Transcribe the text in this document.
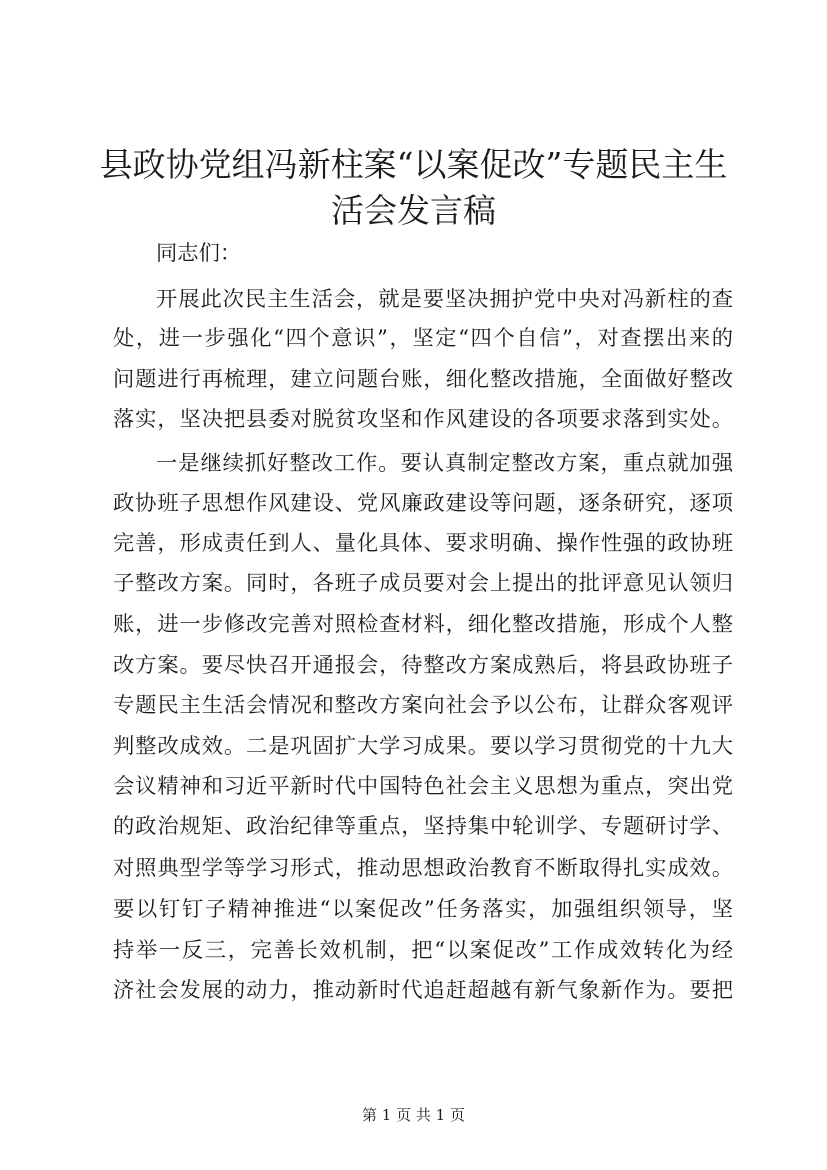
县政协党组冯新柱案“以案促改”专题民主生
活会发言稿

同志们：

开展此次民主生活会，就是要坚决拥护党中央对冯新柱的查

处，进一步强化“四个意识”，坚定“四个自信”，对查摆出来的

问题进行再梳理，建立问题台账，细化整改措施，全面做好整改

落实，坚决把县委对脱贫攻坚和作风建设的各项要求落到实处。

一是继续抓好整改工作。要认真制定整改方案，重点就加强

政协班子思想作风建设、党风廉政建设等问题，逐条研究，逐项

完善，形成责任到人、量化具体、要求明确、操作性强的政协班

子整改方案。同时，各班子成员要对会上提出的批评意见认领归

账，进一步修改完善对照检查材料，细化整改措施，形成个人整

改方案。要尽快召开通报会，待整改方案成熟后，将县政协班子

专题民主生活会情况和整改方案向社会予以公布，让群众客观评

判整改成效。二是巩固扩大学习成果。要以学习贯彻党的十九大

会议精神和习近平新时代中国特色社会主义思想为重点，突出党

的政治规矩、政治纪律等重点，坚持集中轮训学、专题研讨学、

对照典型学等学习形式，推动思想政治教育不断取得扎实成效。

要以钉钉子精神推进“以案促改”任务落实，加强组织领导，坚

持举一反三，完善长效机制，把“以案促改”工作成效转化为经

济社会发展的动力，推动新时代追赶超越有新气象新作为。要把

第 1 页 共 1 页
